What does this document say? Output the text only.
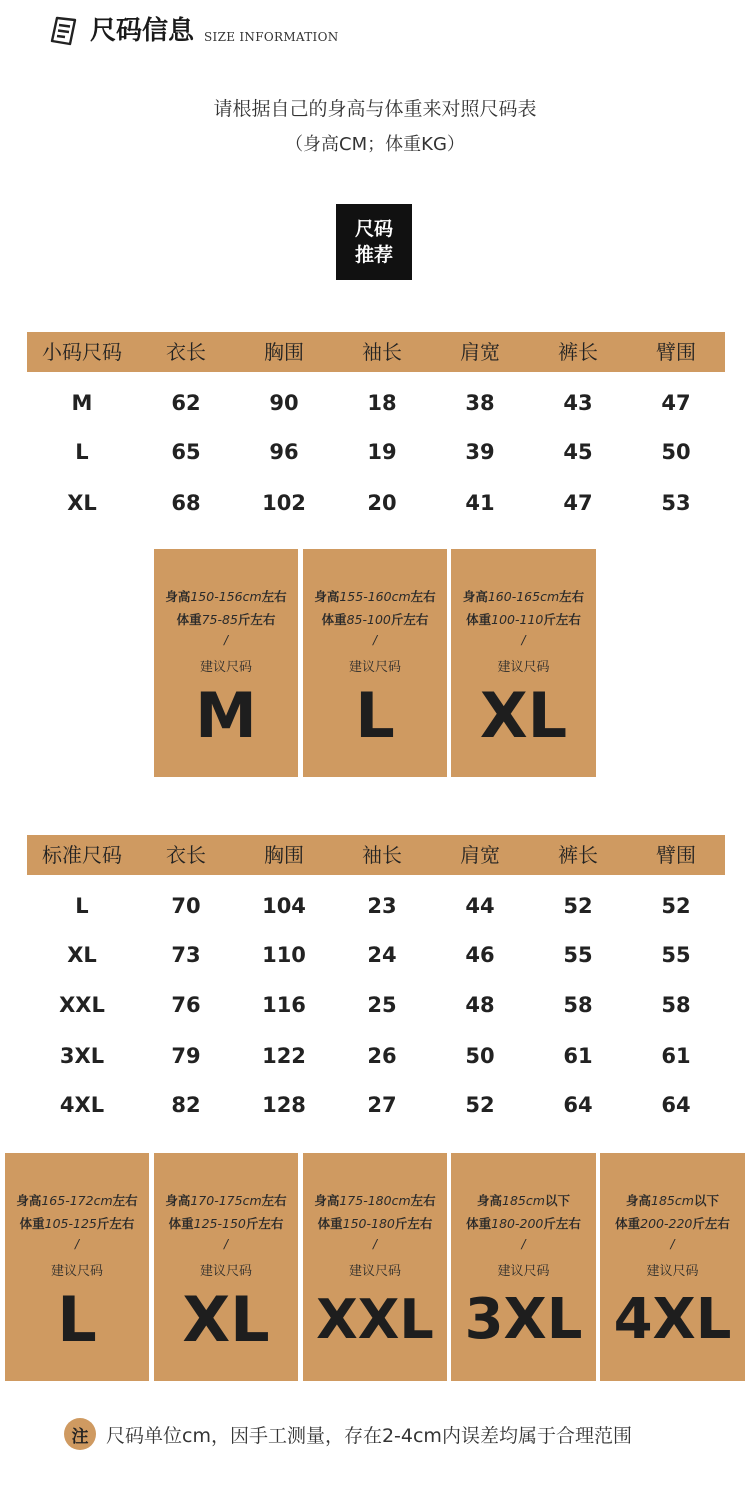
尺码信息 SIZE INFORMATION
请根据自己的身高与体重来对照尺码表
（身高CM；体重KG）
尺码
推荐
小码尺码	衣长	胸围	袖长	肩宽	裤长	臂围
M	62	90	18	38	43	47
L	65	96	19	39	45	50
XL	68	102	20	41	47	53
身高150-156cm左右
体重75-85斤左右
/
建议尺码
M
身高155-160cm左右
体重85-100斤左右
/
建议尺码
L
身高160-165cm左右
体重100-110斤左右
/
建议尺码
XL
标准尺码	衣长	胸围	袖长	肩宽	裤长	臂围
L	70	104	23	44	52	52
XL	73	110	24	46	55	55
XXL	76	116	25	48	58	58
3XL	79	122	26	50	61	61
4XL	82	128	27	52	64	64
身高165-172cm左右
体重105-125斤左右
/
建议尺码
L
身高170-175cm左右
体重125-150斤左右
/
建议尺码
XL
身高175-180cm左右
体重150-180斤左右
/
建议尺码
XXL
身高185cm以下
体重180-200斤左右
/
建议尺码
3XL
身高185cm以下
体重200-220斤左右
/
建议尺码
4XL
注 尺码单位cm，因手工测量，存在2-4cm内误差均属于合理范围
